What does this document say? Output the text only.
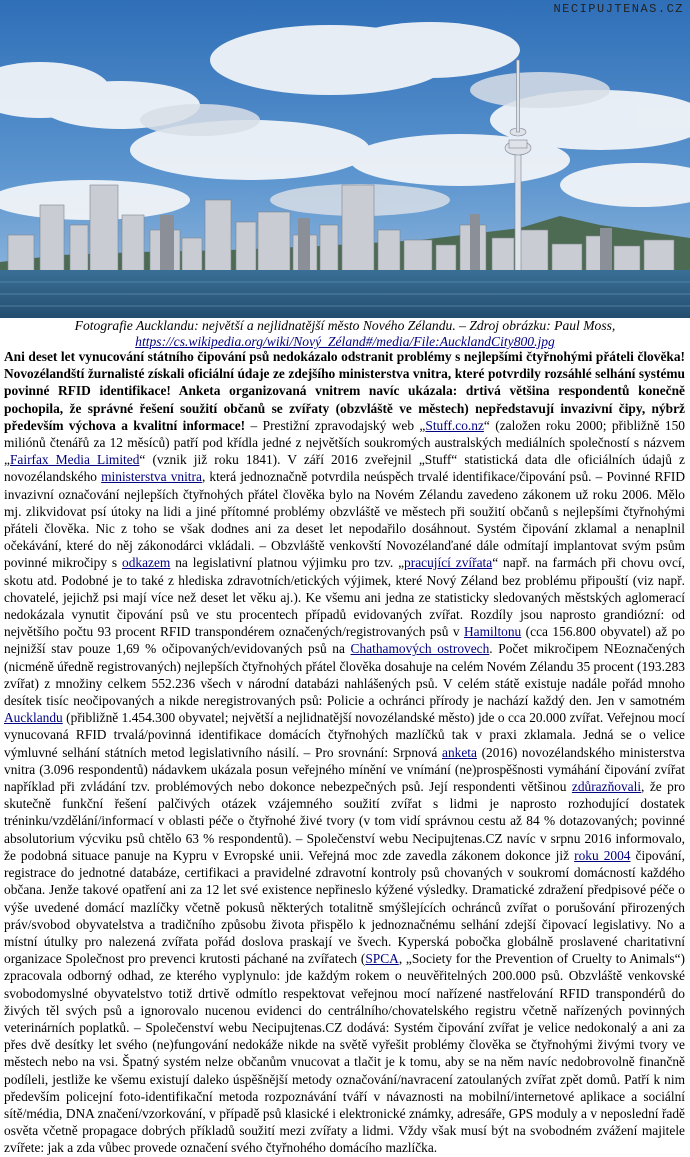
NECIPUJTENAS.CZ
Fotografie Aucklandu: největší a nejlidnatější město Nového Zélandu. – Zdroj obrázku: Paul Moss,
https://cs.wikipedia.org/wiki/Nový_Zéland#/media/File:AucklandCity800.jpg
Ani deset let vynucování státního čipování psů nedokázalo odstranit problémy s nejlepšími čtyřnohými přáteli člověka! Novozélandští žurnalisté získali oficiální údaje ze zdejšího ministerstva vnitra, které potvrdily rozsáhlé selhání systému povinné RFID identifikace! Anketa organizovaná vnitrem navíc ukázala: drtivá většina respondentů konečně pochopila, že správné řešení soužití občanů se zvířaty (obzvláště ve městech) nepředstavují invazivní čipy, nýbrž především výchova a kvalitní informace! – Prestižní zpravodajský web „Stuff.co.nz“ (založen roku 2000; přibližně 150 miliónů čtenářů za 12 měsíců) patří pod křídla jedné z největších soukromých australských mediálních společností s názvem „Fairfax Media Limited“ (vznik již roku 1841). V září 2016 zveřejnil „Stuff“ statistická data dle oficiálních údajů z novozélandského ministerstva vnitra, která jednoznačně potvrdila neúspěch trvalé identifikace/čipování psů. – Povinné RFID invazivní označování nejlepších čtyřnohých přátel člověka bylo na Novém Zélandu zavedeno zákonem už roku 2006. Mělo mj. zlikvidovat psí útoky na lidi a jiné přítomné problémy obzvláště ve městech při soužití občanů s nejlepšími čtyřnohými přáteli člověka. Nic z toho se však dodnes ani za deset let nepodařilo dosáhnout. Systém čipování zklamal a nenaplnil očekávání, které do něj zákonodárci vkládali. – Obzvláště venkovští Novozélanďané dále odmítají implantovat svým psům povinné mikročipy s odkazem na legislativní platnou výjimku pro tzv. „pracující zvířata“ např. na farmách při chovu ovcí, skotu atd. Podobné je to také z hlediska zdravotních/etických výjimek, které Nový Zéland bez problému připouští (viz např. chovatelé, jejichž psi mají více než deset let věku aj.). Ke všemu ani jedna ze statisticky sledovaných městských aglomerací nedokázala vynutit čipování psů ve stu procentech případů evidovaných zvířat. Rozdíly jsou naprosto grandiózní: od největšího počtu 93 procent RFID transpondérem označených/registrovaných psů v Hamiltonu (cca 156.800 obyvatel) až po nejnižší stav pouze 1,69 % očipovaných/evidovaných psů na Chathamových ostrovech. Počet mikročipem NEoznačených (nicméně úředně registrovaných) nejlepších čtyřnohých přátel člověka dosahuje na celém Novém Zélandu 35 procent (193.283 zvířat) z množiny celkem 552.236 všech v národní databázi nahlášených psů. V celém státě existuje nadále pořád mnoho desítek tisíc neočipovaných a nikde neregistrovaných psů: Policie a ochránci přírody je nachází každý den. Jen v samotném Aucklandu (přibližně 1.454.300 obyvatel; největší a nejlidnatější novozélandské město) jde o cca 20.000 zvířat. Veřejnou mocí vynucovaná RFID trvalá/povinná identifikace domácích čtyřnohých mazlíčků tak v praxi zklamala. Jedná se o velice výmluvné selhání státních metod legislativního násilí. – Pro srovnání: Srpnová anketa (2016) novozélandského ministerstva vnitra (3.096 respondentů) nádavkem ukázala posun veřejného mínění ve vnímání (ne)prospěšnosti vymáhání čipování zvířat například při zvládání tzv. problémových nebo dokonce nebezpečných psů. Její respondenti většinou zdůrazňovali, že pro skutečně funkční řešení palčivých otázek vzájemného soužití zvířat s lidmi je naprosto rozhodující dostatek tréninku/vzdělání/informací v oblasti péče o čtyřnohé živé tvory (v tom vidí správnou cestu až 84 % dotazovaných; povinné absolutorium výcviku psů chtělo 63 % respondentů). – Společenství webu Necipujtenas.CZ navíc v srpnu 2016 informovalo, že podobná situace panuje na Kypru v Evropské unii. Veřejná moc zde zavedla zákonem dokonce již roku 2004 čipování, registrace do jednotné databáze, certifikaci a pravidelné zdravotní kontroly psů chovaných v soukromí domácností každého občana. Jenže takové opatření ani za 12 let své existence nepřineslo kýžené výsledky. Dramatické zdražení předpisové péče o výše uvedené domácí mazlíčky včetně pokusů některých totalitně smýšlejících ochránců zvířat o porušování přirozených práv/svobod obyvatelstva a tradičního způsobu života přispělo k jednoznačnému selhání zdejší čipovací legislativy. No a místní útulky pro nalezená zvířata pořád doslova praskají ve švech. Kyperská pobočka globálně proslavené charitativní organizace Společnost pro prevenci krutosti páchané na zvířatech (SPCA, „Society for the Prevention of Cruelty to Animals“) zpracovala odborný odhad, ze kterého vyplynulo: jde každým rokem o neuvěřitelných 200.000 psů. Obzvláště venkovské svobodomyslné obyvatelstvo totiž drtivě odmítlo respektovat veřejnou mocí nařízené nastřelování RFID transpondérů do živých těl svých psů a ignorovalo nucenou evidenci do centrálního/chovatelského registru včetně nařízených povinných veterinárních poplatků. – Společenství webu Necipujtenas.CZ dodává: Systém čipování zvířat je velice nedokonalý a ani za přes dvě desítky let svého (ne)fungování nedokáže nikde na světě vyřešit problémy člověka se čtyřnohými živými tvory ve městech nebo na vsi. Špatný systém nelze občanům vnucovat a tlačit je k tomu, aby se na něm navíc nedobrovolně finančně podíleli, jestliže ke všemu existují daleko úspěšnější metody označování/navracení zatoulaných zvířat zpět domů. Patří k nim především policejní foto-identifikační metoda rozpoznávání tváří v návaznosti na mobilní/internetové aplikace a sociální sítě/média, DNA značení/vzorkování, v případě psů klasické i elektronické známky, adresáře, GPS moduly a v neposlední řadě osvěta včetně propagace dobrých příkladů soužití mezi zvířaty a lidmi. Vždy však musí být na svobodném zvážení majitele zvířete: jak a zda vůbec provede označení svého čtyřnohého domácího mazlíčka.
